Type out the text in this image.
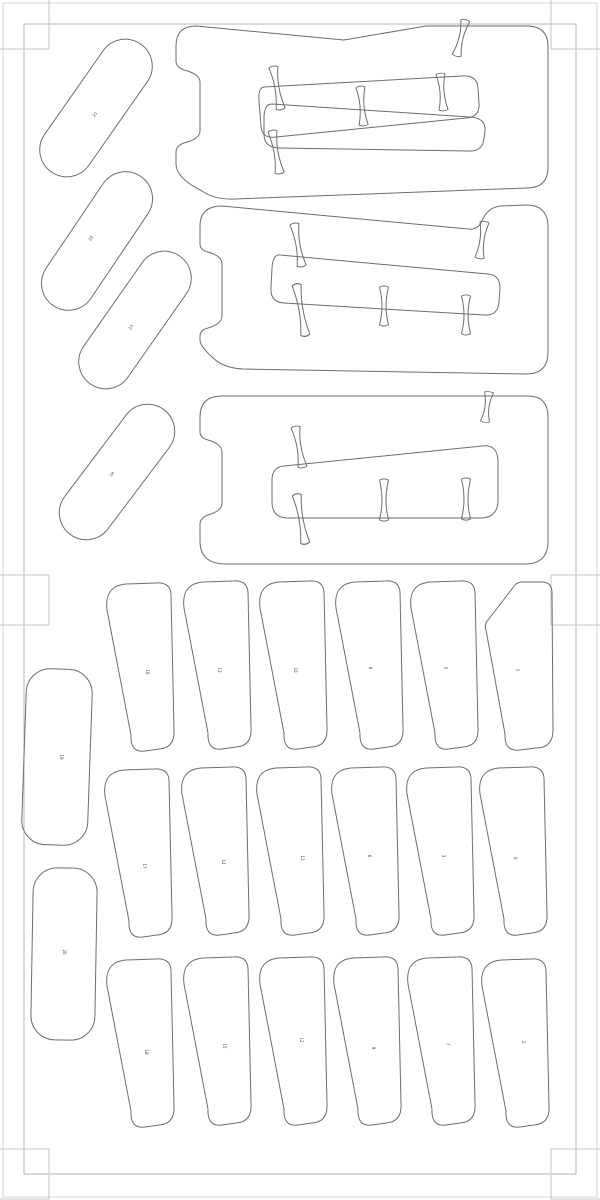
21
22
23
24
19
20
16	13	10	8	5
1
17
14
11	6	3
4
18
15
12
9
7
2
